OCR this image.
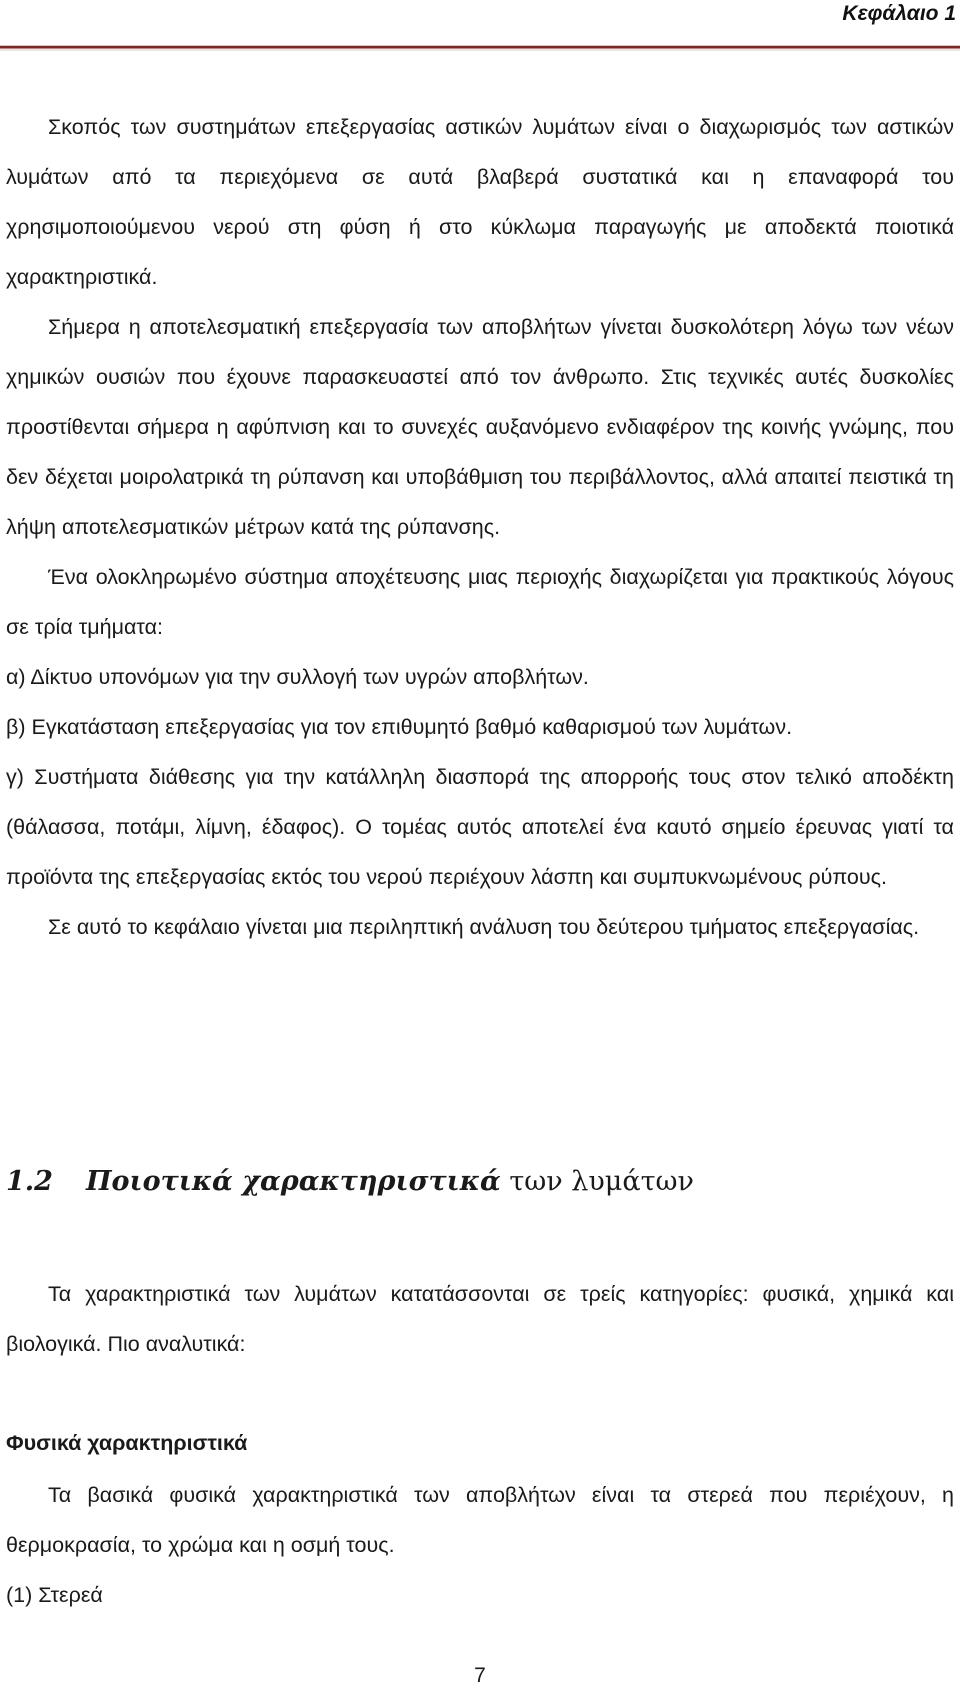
Κεφάλαιο 1

Σκοπός των συστημάτων επεξεργασίας αστικών λυμάτων είναι ο διαχωρισμός των αστικών λυμάτων από τα περιεχόμενα σε αυτά βλαβερά συστατικά και η επαναφορά του χρησιμοποιούμενου νερού στη φύση ή στο κύκλωμα παραγωγής με αποδεκτά ποιοτικά χαρακτηριστικά.

Σήμερα η αποτελεσματική επεξεργασία των αποβλήτων γίνεται δυσκολότερη λόγω των νέων χημικών ουσιών που έχουνε παρασκευαστεί από τον άνθρωπο. Στις τεχνικές αυτές δυσκολίες προστίθενται σήμερα η αφύπνιση και το συνεχές αυξανόμενο ενδιαφέρον της κοινής γνώμης, που δεν δέχεται μοιρολατρικά τη ρύπανση και υποβάθμιση του περιβάλλοντος, αλλά απαιτεί πειστικά τη λήψη αποτελεσματικών μέτρων κατά της ρύπανσης.

Ένα ολοκληρωμένο σύστημα αποχέτευσης μιας περιοχής διαχωρίζεται για πρακτικούς λόγους σε τρία τμήματα:

α) Δίκτυο υπονόμων για την συλλογή των υγρών αποβλήτων.

β) Εγκατάσταση επεξεργασίας για τον επιθυμητό βαθμό καθαρισμού των λυμάτων.

γ) Συστήματα διάθεσης για την κατάλληλη διασπορά της απορροής τους στον τελικό αποδέκτη (θάλασσα, ποτάμι, λίμνη, έδαφος). Ο τομέας αυτός αποτελεί ένα καυτό σημείο έρευνας γιατί τα προϊόντα της επεξεργασίας εκτός του νερού περιέχουν λάσπη και συμπυκνωμένους ρύπους.

Σε αυτό το κεφάλαιο γίνεται μια περιληπτική ανάλυση του δεύτερου τμήματος επεξεργασίας.

1.2 Ποιοτικά χαρακτηριστικά των λυμάτων

Τα χαρακτηριστικά των λυμάτων κατατάσσονται σε τρείς κατηγορίες: φυσικά, χημικά και βιολογικά. Πιο αναλυτικά:

Φυσικά χαρακτηριστικά

Τα βασικά φυσικά χαρακτηριστικά των αποβλήτων είναι τα στερεά που περιέχουν, η θερμοκρασία, το χρώμα και η οσμή τους.

(1) Στερεά

7
